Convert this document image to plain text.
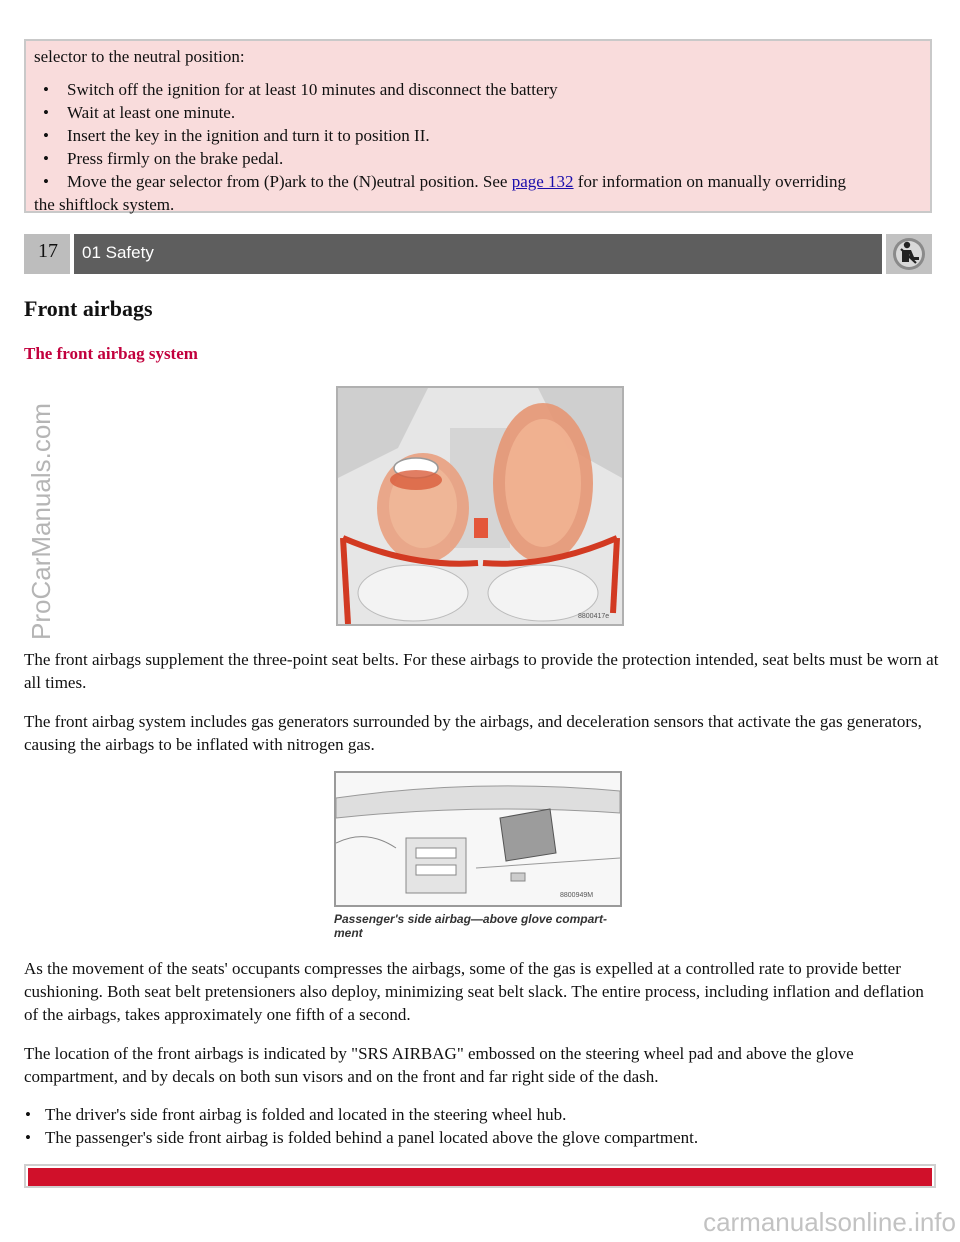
selector to the neutral position:

• Switch off the ignition for at least 10 minutes and disconnect the battery
• Wait at least one minute.
• Insert the key in the ignition and turn it to position II.
• Press firmly on the brake pedal.
• Move the gear selector from (P)ark to the (N)eutral position. See page 132 for information on manually overriding

the shiftlock system.

17	01 Safety
Front airbags
The front airbag system
8800417e

The front airbags supplement the three-point seat belts. For these airbags to provide the protection intended, seat belts must be worn at all times.

The front airbag system includes gas generators surrounded by the airbags, and deceleration sensors that activate the gas generators, causing the airbags to be inflated with nitrogen gas.

8800949M
Passenger's side airbag—above glove compart- ment

As the movement of the seats' occupants compresses the airbags, some of the gas is expelled at a controlled rate to provide better cushioning. Both seat belt pretensioners also deploy, minimizing seat belt slack. The entire process, including inflation and deflation of the airbags, takes approximately one fifth of a second.

The location of the front airbags is indicated by "SRS AIRBAG" embossed on the steering wheel pad and above the glove compartment, and by decals on both sun visors and on the front and far right side of the dash.

• The driver's side front airbag is folded and located in the steering wheel hub.
• The passenger's side front airbag is folded behind a panel located above the glove compartment.
ProCarManuals.com
carmanualsonline.info
